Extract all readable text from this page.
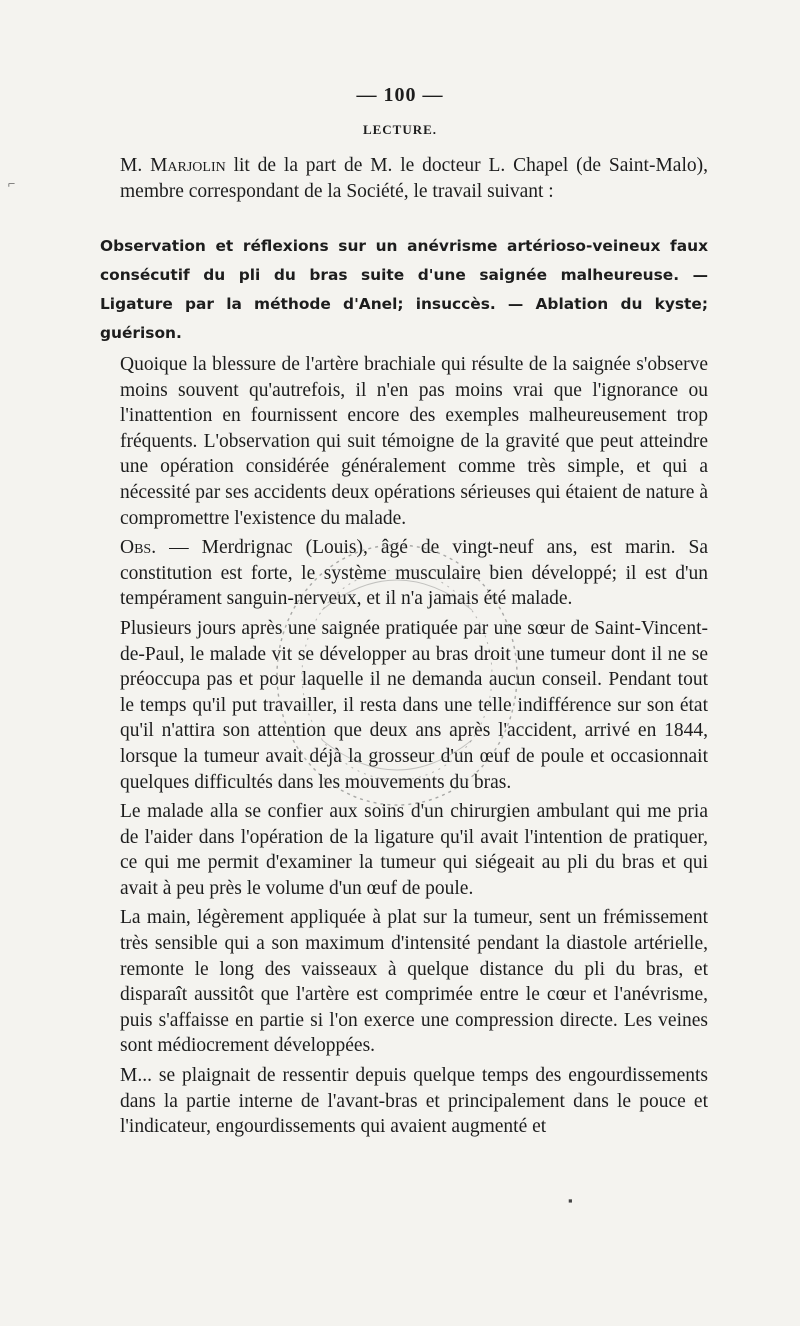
— 100 —
LECTURE.
M. Marjolin lit de la part de M. le docteur L. Chapel (de Saint-Malo), membre correspondant de la Société, le travail suivant :
Observation et réflexions sur un anévrisme artérioso-veineux faux consécutif du pli du bras suite d'une saignée malheureuse. — Ligature par la méthode d'Anel; insuccès. — Ablation du kyste; guérison.

Quoique la blessure de l'artère brachiale qui résulte de la saignée s'observe moins souvent qu'autrefois, il n'en pas moins vrai que l'ignorance ou l'inattention en fournissent encore des exemples malheureusement trop fréquents. L'observation qui suit témoigne de la gravité que peut atteindre une opération considérée généralement comme très simple, et qui a nécessité par ses accidents deux opérations sérieuses qui étaient de nature à compromettre l'existence du malade.

Obs. — Merdrignac (Louis), âgé de vingt-neuf ans, est marin. Sa constitution est forte, le système musculaire bien développé; il est d'un tempérament sanguin-nerveux, et il n'a jamais été malade.

Plusieurs jours après une saignée pratiquée par une sœur de Saint-Vincent-de-Paul, le malade vit se développer au bras droit une tumeur dont il ne se préoccupa pas et pour laquelle il ne demanda aucun conseil. Pendant tout le temps qu'il put travailler, il resta dans une telle indifférence sur son état qu'il n'attira son attention que deux ans après l'accident, arrivé en 1844, lorsque la tumeur avait déjà la grosseur d'un œuf de poule et occasionnait quelques difficultés dans les mouvements du bras.

Le malade alla se confier aux soins d'un chirurgien ambulant qui me pria de l'aider dans l'opération de la ligature qu'il avait l'intention de pratiquer, ce qui me permit d'examiner la tumeur qui siégeait au pli du bras et qui avait à peu près le volume d'un œuf de poule.

La main, légèrement appliquée à plat sur la tumeur, sent un frémissement très sensible qui a son maximum d'intensité pendant la diastole artérielle, remonte le long des vaisseaux à quelque distance du pli du bras, et disparaît aussitôt que l'artère est comprimée entre le cœur et l'anévrisme, puis s'affaisse en partie si l'on exerce une compression directe. Les veines sont médiocrement développées.

M... se plaignait de ressentir depuis quelque temps des engourdissements dans la partie interne de l'avant-bras et principalement dans le pouce et l'indicateur, engourdissements qui avaient augmenté et

⌐
▪
